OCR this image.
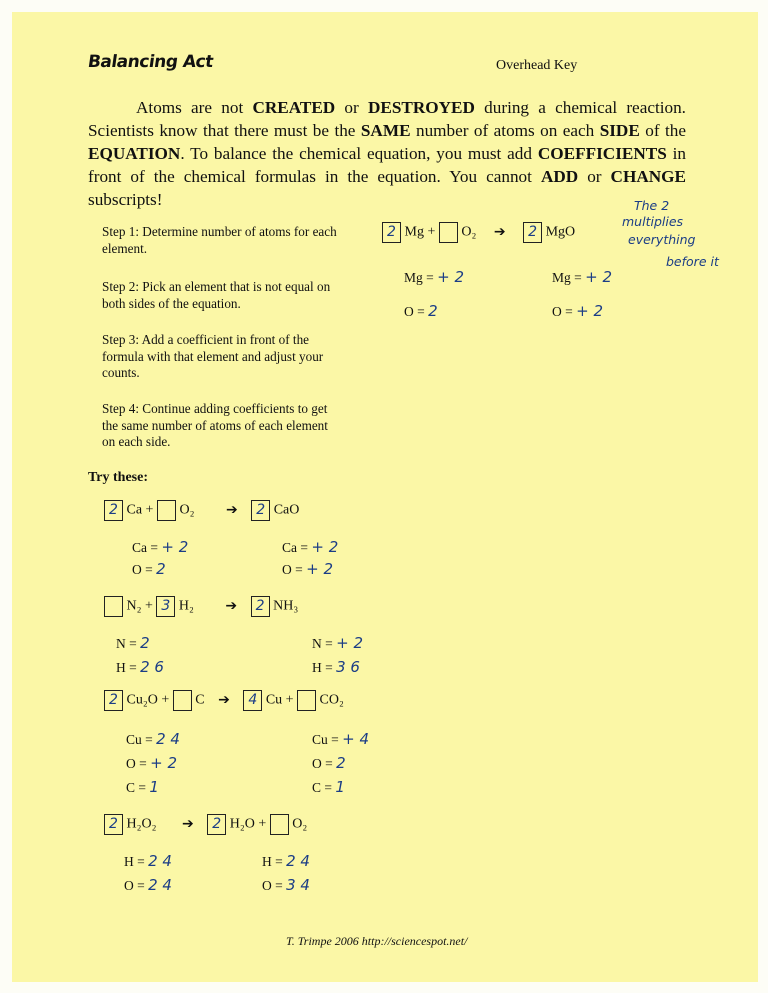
Balancing Act	Overhead Key
Atoms are not CREATED or DESTROYED during a chemical reaction. Scientists know that there must be the SAME number of atoms on each SIDE of the EQUATION. To balance the chemical equation, you must add COEFFICIENTS in front of the chemical formulas in the equation. You cannot ADD or CHANGE subscripts!
Step 1: Determine number of atoms for each element.
Step 2: Pick an element that is not equal on both sides of the equation.
Step 3: Add a coefficient in front of the formula with that element and adjust your counts.
Step 4: Continue adding coefficients to get the same number of atoms of each element on each side.
2 Mg + O₂ ➔ 2 MgO
Mg = + 2
O = 2
Mg = + 2
O = + 2
The 2
multiplies
everything
before it
Try these:
2 Ca + O₂ ➔ 2 CaO
Ca = + 2
O = 2
Ca = + 2
O = + 2
N₂ + 3 H₂ ➔ 2 NH₃
N = 2
H = 2 6
N = + 2
H = 3 6
2 Cu₂O + C ➔ 4 Cu + CO₂
Cu = 2 4
O = + 2
C = 1
Cu = + 4
O = 2
C = 1
2 H₂O₂ ➔ 2 H₂O + O₂
H = 2 4
O = 2 4
H = 2 4
O = 3 4
T. Trimpe 2006 http://sciencespot.net/
